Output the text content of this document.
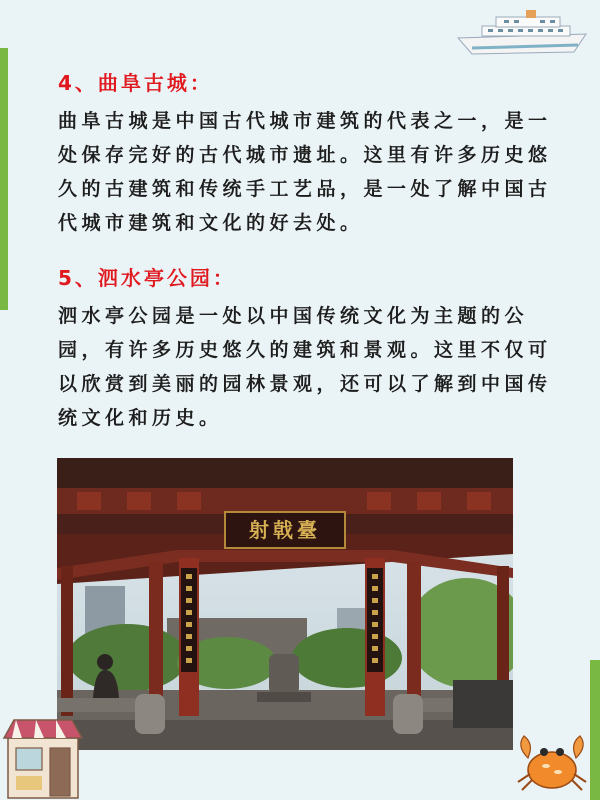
4、曲阜古城：

曲阜古城是中国古代城市建筑的代表之一，是一处保存完好的古代城市遗址。这里有许多历史悠久的古建筑和传统手工艺品，是一处了解中国古代城市建筑和文化的好去处。

5、泗水亭公园：

泗水亭公园是一处以中国传统文化为主题的公园，有许多历史悠久的建筑和景观。这里不仅可以欣赏到美丽的园林景观，还可以了解到中国传统文化和历史。

射戟臺
